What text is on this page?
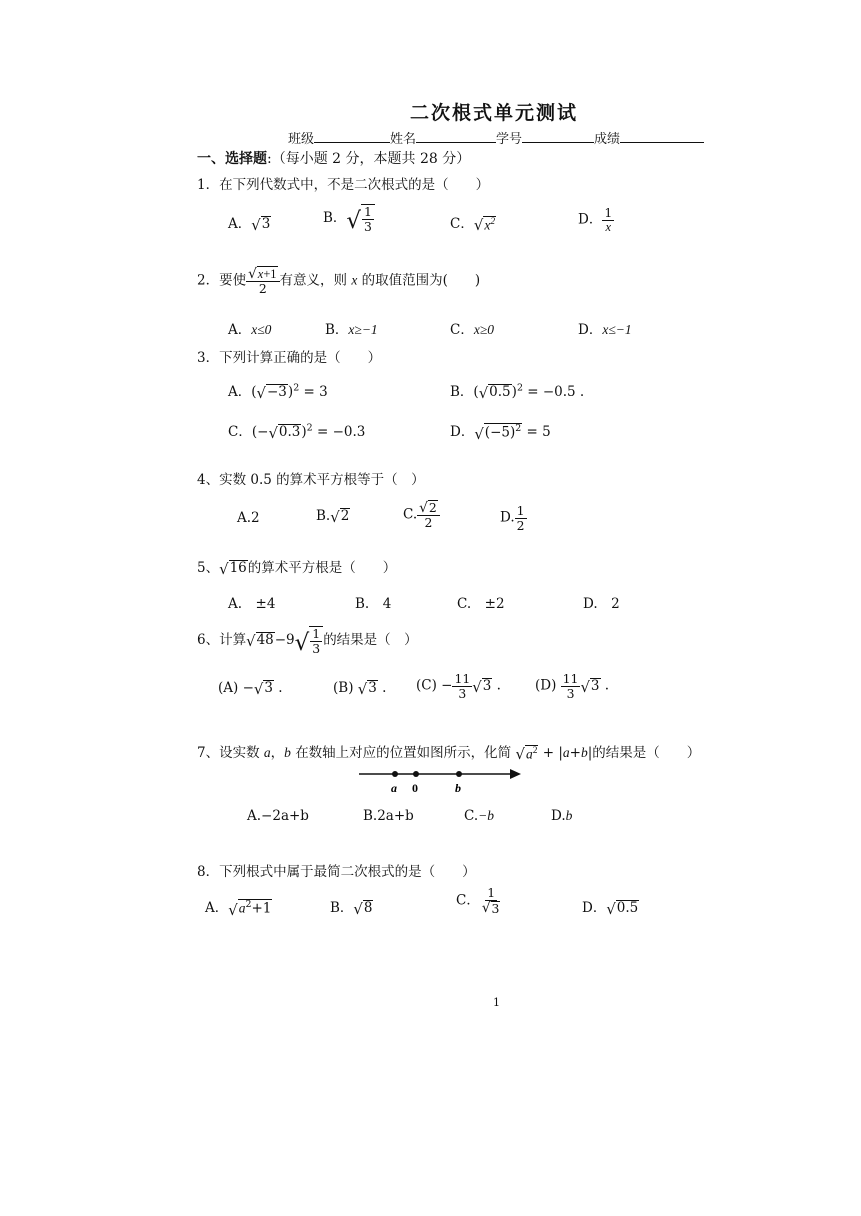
二次根式单元测试
班级	姓名	学号	成绩
一、选择题:（每小题 2 分，本题共 28 分）
1．在下列代数式中，不是二次根式的是（　　）
A． √ 3	B． √ $\frac{1}{3}$	C． √ $x^2$	D． $\frac{1}{x}$
2．要使 $\frac{√ x+1}{2}$ 有意义，则 x 的取值范围为(　　)
A．x≤0	B．x≥−1	C．x≥0	D．x≤−1
3．下列计算正确的是（　　）
A．( √ −3 )$^2$ = 3	B．( √ 0.5 )$^2$ = −0.5 .
C．(− √ 0.3 )$^2$ = −0.3	D． √ $(-5)^2 = 5$
4、实数 0.5 的算术平方根等于（　）
A.2	B. √ 2	C. $\frac{√ 2}{2}$	D. $\frac{1}{2}$
5、 √ 16 的算术平方根是（　　）
A.　±4	B.　4	C.　±2	D.　2
6、计算 √ 48 −9 √ $\frac{1}{3}$ 的结果是（　）
(A) − √ 3 .	(B) √ 3 . $(C) - \frac{11}{3}$ √ 3 .	$(D) \frac{11}{3}$ √ 3 .
7、设实数 a，b 在数轴上对应的位置如图所示，化简 √ $a^2 + |a+b|$的结果是（　　）
a 0	b
A.−2a+b	B.2a+b	C.−b	D.b
8．下列根式中属于最简二次根式的是（　　）
A． √ $a^2+1$	B． √ 8	C． $\frac{1}{√ 3}$	D． √ 0.5
1
